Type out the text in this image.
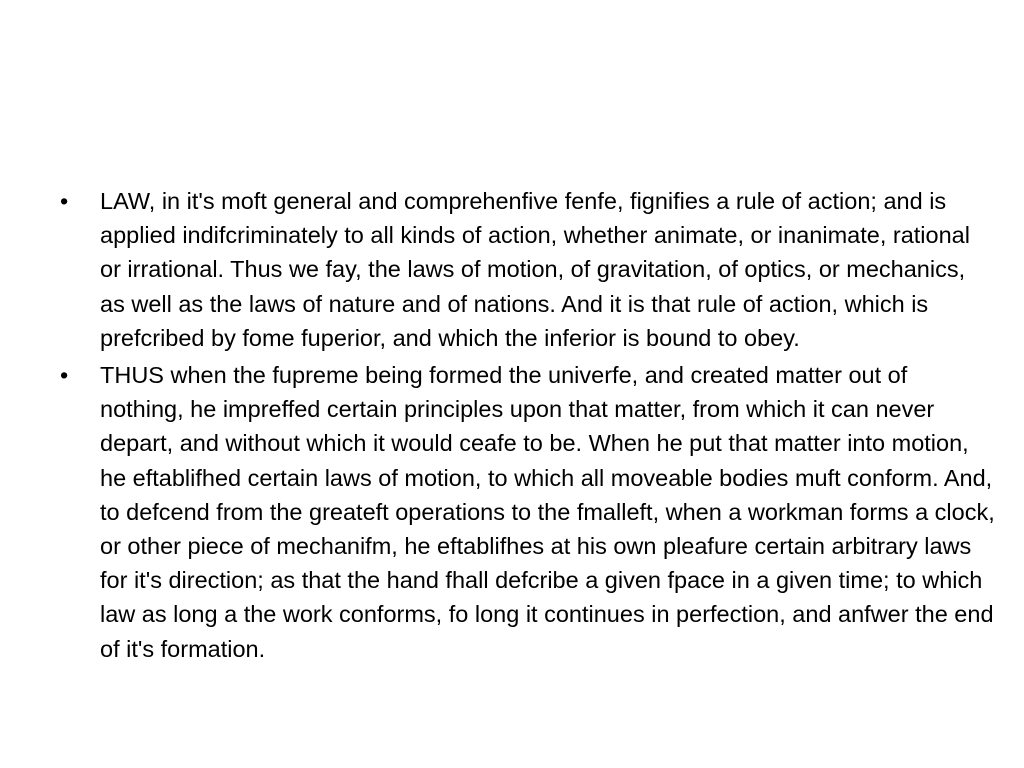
• LAW, in it's moft general and comprehenfive fenfe, fignifies a rule of action; and is applied indifcriminately to all kinds of action, whether animate, or inanimate, rational or irrational. Thus we fay, the laws of motion, of gravitation, of optics, or mechanics, as well as the laws of nature and of nations. And it is that rule of action, which is prefcribed by fome fuperior, and which the inferior is bound to obey.
• THUS when the fupreme being formed the univerfe, and created matter out of nothing, he impreffed certain principles upon that matter, from which it can never depart, and without which it would ceafe to be. When he put that matter into motion, he eftablifhed certain laws of motion, to which all moveable bodies muft conform. And, to defcend from the greateft operations to the fmalleft, when a workman forms a clock, or other piece of mechanifm, he eftablifhes at his own pleafure certain arbitrary laws for it's direction; as that the hand fhall defcribe a given fpace in a given time; to which law as long a the work conforms, fo long it continues in perfection, and anfwer the end of it's formation.
